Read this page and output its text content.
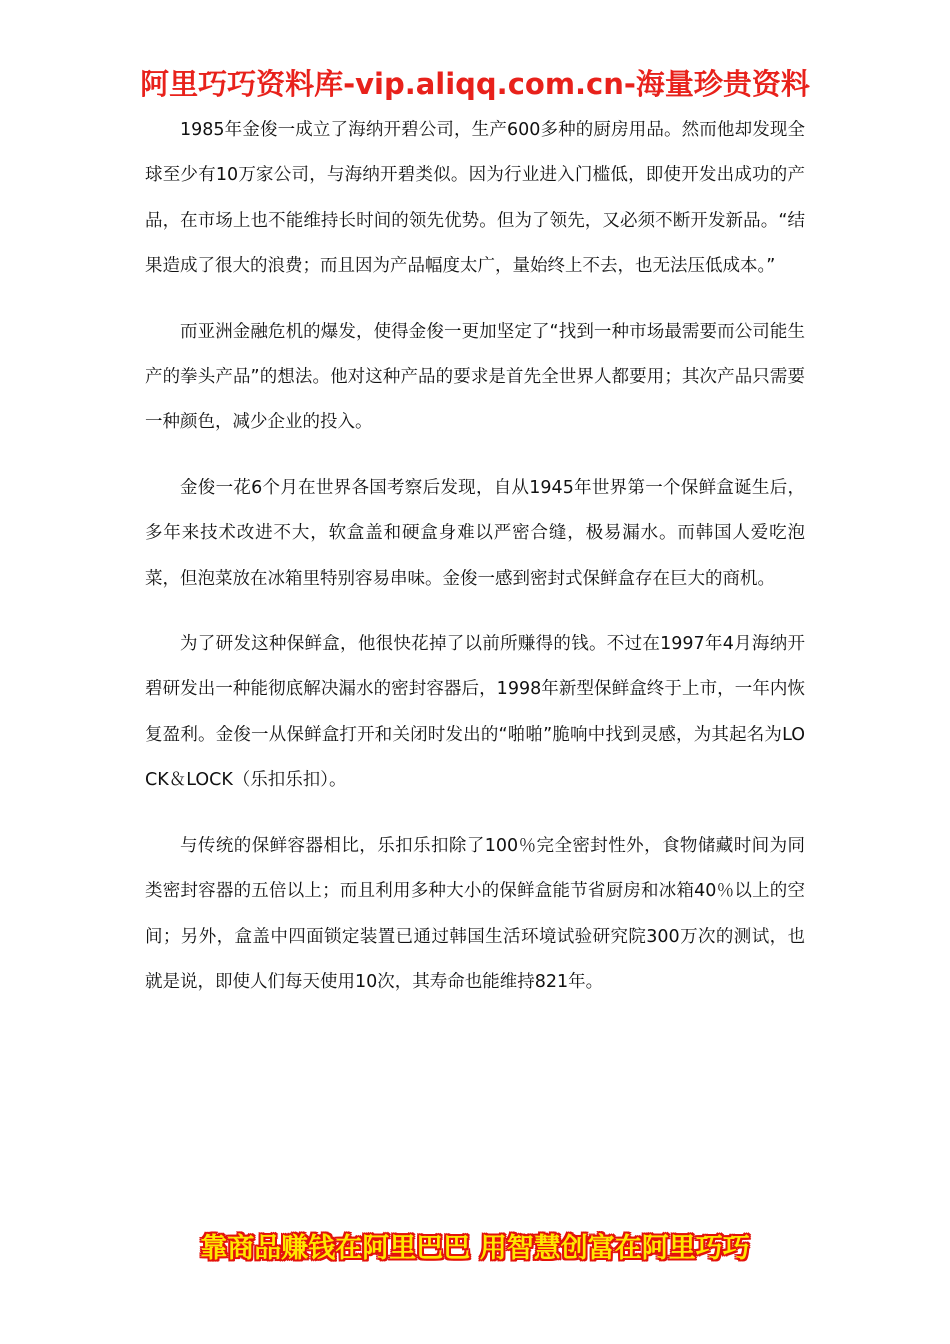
阿里巧巧资料库-vip.aliqq.com.cn-海量珍贵资料

1985年金俊一成立了海纳开碧公司，生产600多种的厨房用品。然而他却发现全球至少有10万家公司，与海纳开碧类似。因为行业进入门槛低，即使开发出成功的产品，在市场上也不能维持长时间的领先优势。但为了领先，又必须不断开发新品。“结果造成了很大的浪费；而且因为产品幅度太广，量始终上不去，也无法压低成本。”

而亚洲金融危机的爆发，使得金俊一更加坚定了“找到一种市场最需要而公司能生产的拳头产品”的想法。他对这种产品的要求是首先全世界人都要用；其次产品只需要一种颜色，减少企业的投入。

金俊一花6个月在世界各国考察后发现，自从1945年世界第一个保鲜盒诞生后，多年来技术改进不大，软盒盖和硬盒身难以严密合缝，极易漏水。而韩国人爱吃泡菜，但泡菜放在冰箱里特别容易串味。金俊一感到密封式保鲜盒存在巨大的商机。

为了研发这种保鲜盒，他很快花掉了以前所赚得的钱。不过在1997年4月海纳开碧研发出一种能彻底解决漏水的密封容器后，1998年新型保鲜盒终于上市，一年内恢复盈利。金俊一从保鲜盒打开和关闭时发出的“啪啪”脆响中找到灵感，为其起名为LOCK＆LOCK（乐扣乐扣）。

与传统的保鲜容器相比，乐扣乐扣除了100％完全密封性外，食物储藏时间为同类密封容器的五倍以上；而且利用多种大小的保鲜盒能节省厨房和冰箱40％以上的空间；另外，盒盖中四面锁定装置已通过韩国生活环境试验研究院300万次的测试，也就是说，即使人们每天使用10次，其寿命也能维持821年。

靠商品赚钱在阿里巴巴 用智慧创富在阿里巧巧
